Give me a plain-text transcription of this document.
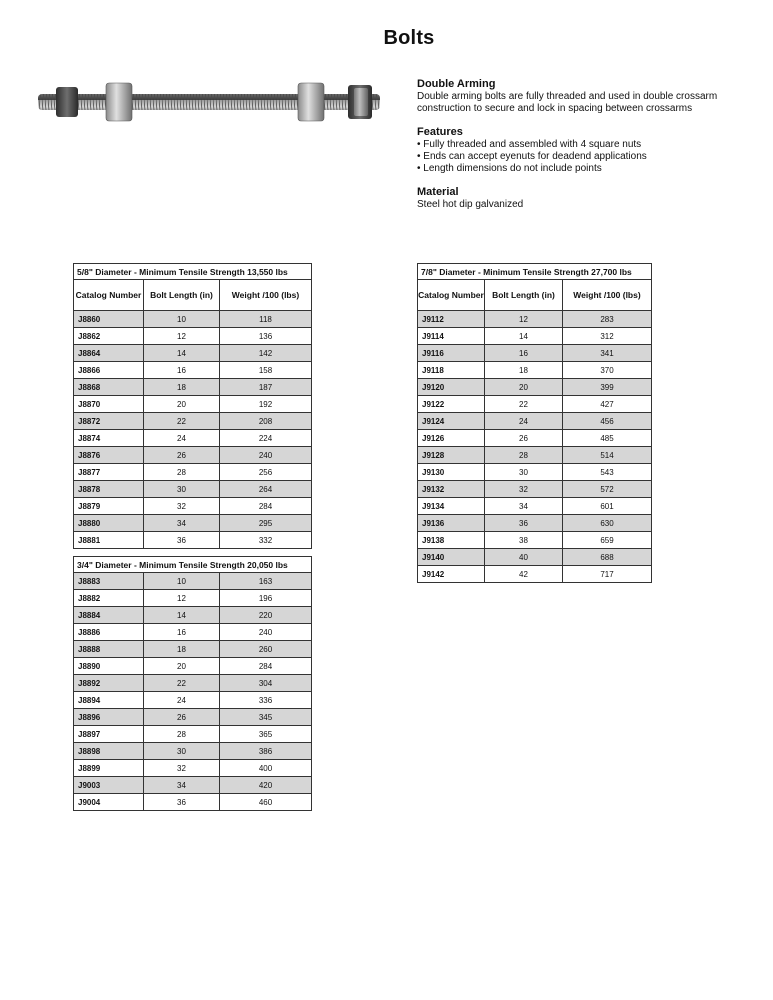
Bolts
Double Arming

Double arming bolts are fully threaded and used in double crossarm construction to secure and lock in spacing between crossarms

Features
• Fully threaded and assembled with 4 square nuts
• Ends can accept eyenuts for deadend applications
• Length dimensions do not include points
Material

Steel hot dip galvanized

5/8" Diameter - Minimum Tensile Strength 13,550 lbs		
Catalog Number	Bolt Length (in)	Weight /100 (lbs)
J8860	10	118
J8862	12	136
J8864	14	142
J8866	16	158
J8868	18	187
J8870	20	192
J8872	22	208
J8874	24	224
J8876	26	240
J8877	28	256
J8878	30	264
J8879	32	284
J8880	34	295
J8881	36	332
3/4" Diameter - Minimum Tensile Strength 20,050 lbs		
J8883	10	163
J8882	12	196
J8884	14	220
J8886	16	240
J8888	18	260
J8890	20	284
J8892	22	304
J8894	24	336
J8896	26	345
J8897	28	365
J8898	30	386
J8899	32	400
J9003	34	420
J9004	36	460
7/8" Diameter - Minimum Tensile Strength 27,700 lbs		
Catalog Number	Bolt Length (in)	Weight /100 (lbs)
J9112	12	283
J9114	14	312
J9116	16	341
J9118	18	370
J9120	20	399
J9122	22	427
J9124	24	456
J9126	26	485
J9128	28	514
J9130	30	543
J9132	32	572
J9134	34	601
J9136	36	630
J9138	38	659
J9140	40	688
J9142	42	717
